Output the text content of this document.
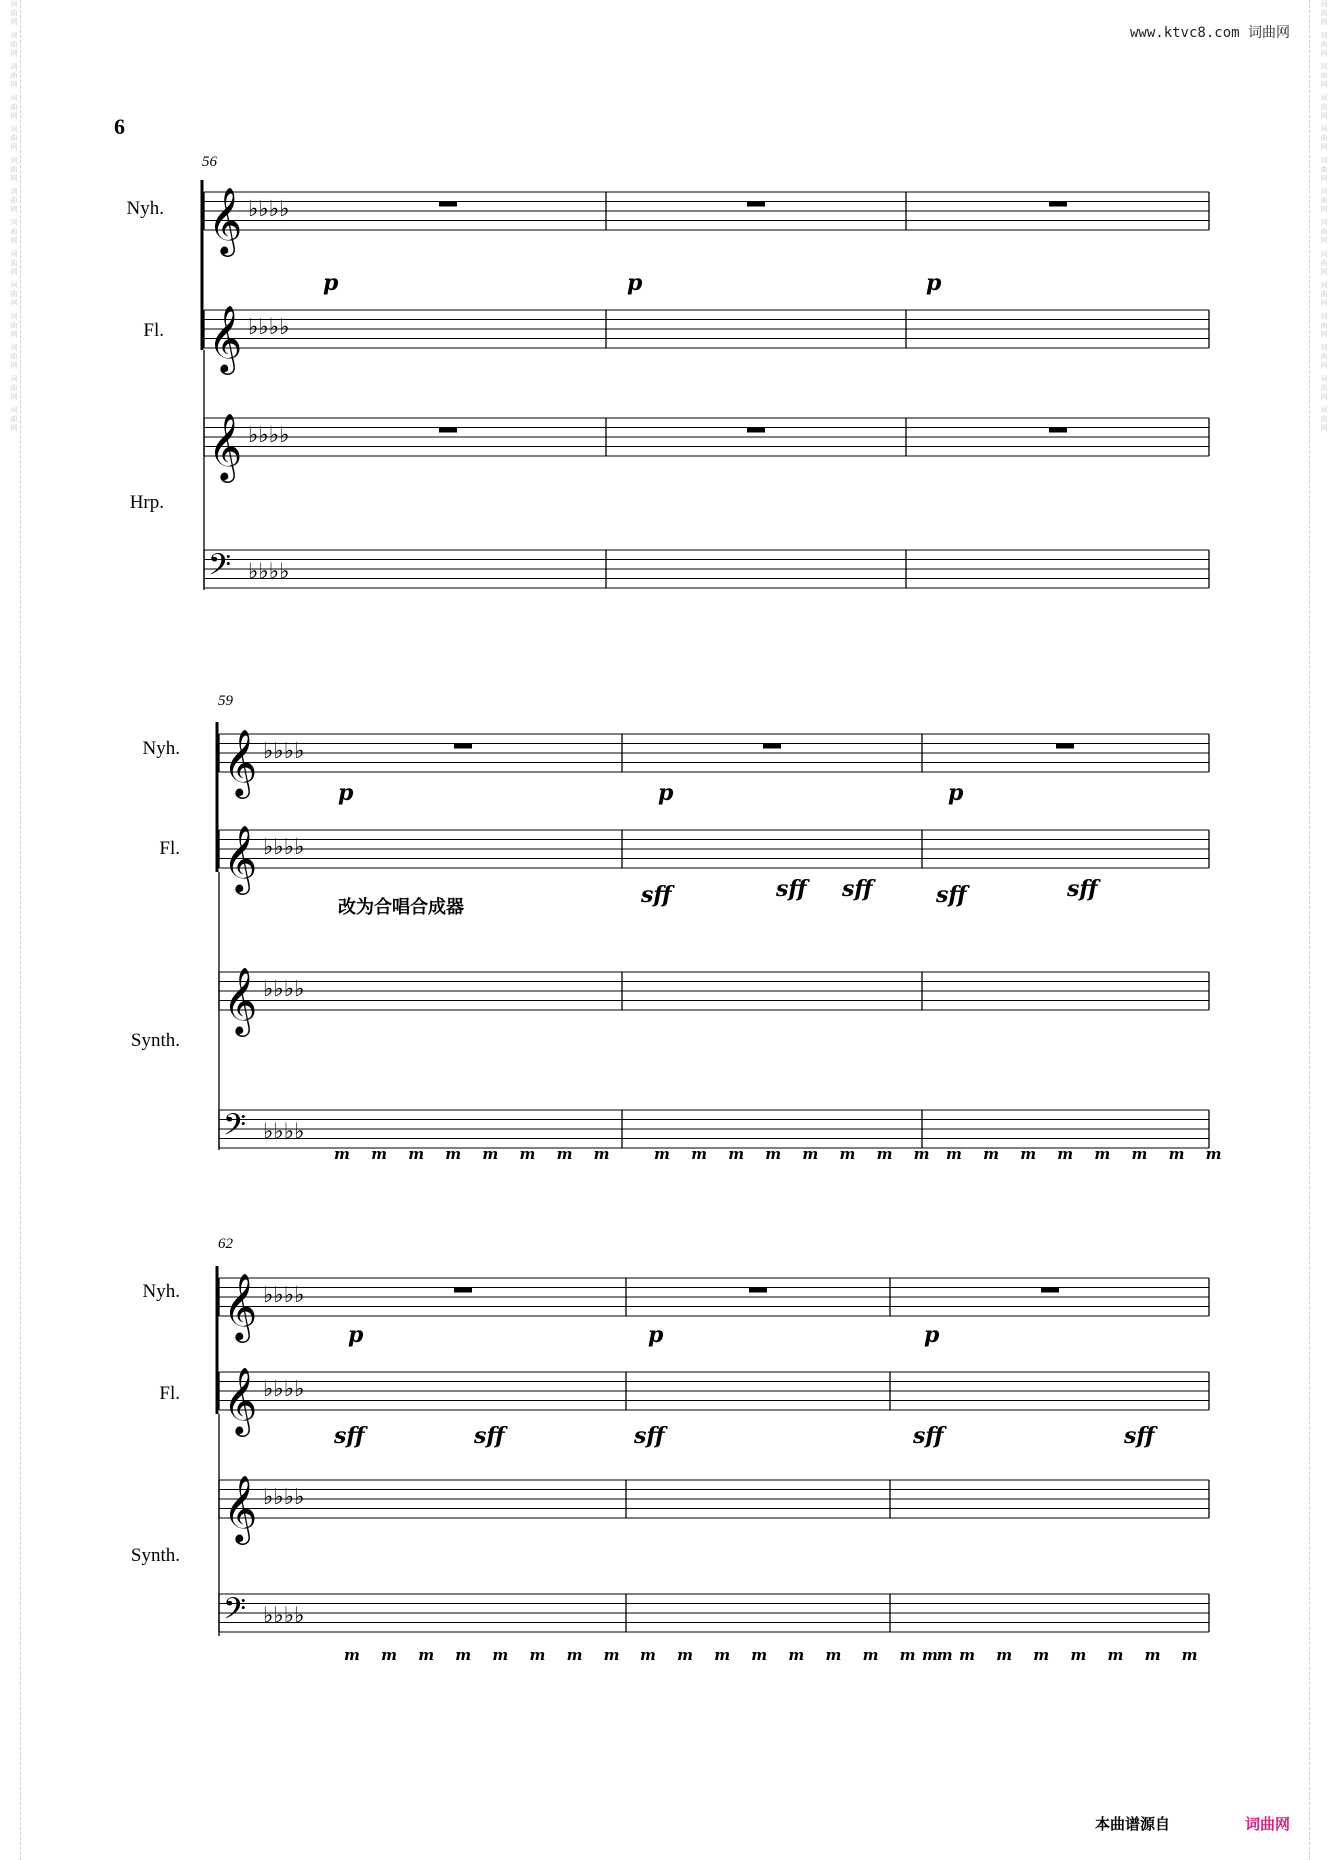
词曲网 词曲网 词曲网 词曲网 词曲网 词曲网 词曲网 词曲网 词曲网 词曲网 词曲网 词曲网 词曲网 词曲网	词曲网 词曲网 词曲网 词曲网 词曲网 词曲网 词曲网 词曲网 词曲网 词曲网 词曲网 词曲网 词曲网 词曲网
www.ktvc8.com 词曲网
6
𝄞 ♭♭♭♭
𝄞 ♭♭♭♭
𝄞 ♭♭♭♭
𝄢 ♭♭♭♭
𝄞 ♭♭♭♭
𝄞 ♭♭♭♭
𝄞 ♭♭♭♭
𝄢 ♭♭♭♭
𝄞 ♭♭♭♭
𝄞 ♭♭♭♭
𝄞 ♭♭♭♭
𝄢 ♭♭♭♭
56
Nyh.
Fl.
Hrp.
p	p	p
59
Nyh.
Fl.
Synth.
p	p	p
改为合唱合成器	sff	sff sff	sff	sff
m m m m m m m m	m m m m m m m m m m m m m m m m
62
Nyh.
Fl.
Synth.
p	p	p
sff	sff	sff	sff	sff
m m m m m m m m m m m m m m m m m
m m m m m m m m
本曲谱源自	词曲网
